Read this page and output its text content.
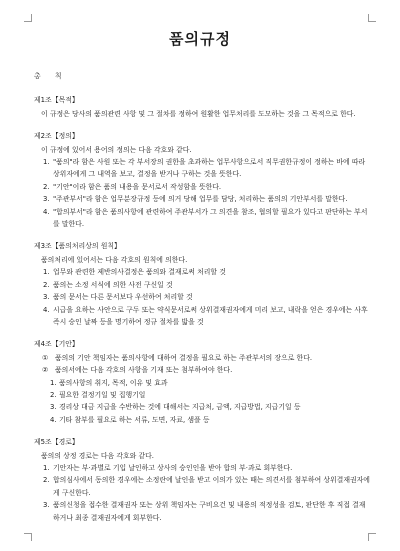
품의규정
총 칙
제1조【목적】
이 규정은 당사의 품의관련 사항 및 그 절차를 정하여 원활한 업무처리를 도모하는 것을 그 목적으로 한다.
제2조【정의】
이 규정에 있어서 용어의 정의는 다음 각호와 같다.
1. "품의"라 함은 사원 또는 각 부서장의 권한을 초과하는 업무사항으로서 직무권한규정이 정하는 바에 따라 상위자에게 그 내역을 보고, 결정을 받거나 구하는 것을 뜻한다.
2. "기안"이라 함은 품의 내용을 문서로서 작성함을 뜻한다.
3. "주관부서"라 함은 업무분장규정 등에 의거 당해 업무를 담당, 처리하는 품의의 기안부서를 말한다.
4. "합의부서"라 함은 품의사항에 관련하여 주관부서가 그 의견을 참조, 협의할 필요가 있다고 판단하는 부서를 말한다.
제3조【품의처리상의 원칙】
품의처리에 있어서는 다음 각호의 원칙에 의한다.
1. 업무와 관련한 제반의사결정은 품의와 결재로써 처리할 것
2. 품의는 소정 서식에 의한 사전 구신일 것
3. 품의 문서는 다른 문서보다 우선하여 처리할 것
4. 시급을 요하는 사안으로 구두 또는 약식문서로써 상위결재권자에게 미리 보고, 내락을 얻은 경우에는 사후 즉시 승인 날짜 등을 명기하여 정규 절차를 밟을 것
제4조【기안】
① 품의의 기안 책임자는 품의사항에 대하여 결정을 필요로 하는 주관부서의 장으로 한다.
② 품의서에는 다음 각호의 사항을 기재 또는 첨부하여야 한다.
1. 품의사항의 취지, 목적, 이유 및 효과
2. 필요한 결정기일 및 집행기일
3. 경리상 대금 지급을 수반하는 것에 대해서는 지급처, 금액, 지급방법, 지급기일 등
4. 기타 참부를 필요로 하는 서류, 도면, 자료, 샘플 등
제5조【경로】
품의의 상정 경로는 다음 각호와 같다.
1. 기안자는 부·과별로 기입 날인하고 상사의 승인인을 받아 합의 부·과로 회부한다.
2. 합의심사에서 동의한 경우에는 소정란에 날인을 받고 이의가 있는 때는 의견서를 첨부하여 상위결재권자에게 구신한다.
3. 품의신청을 접수한 결재권자 또는 상위 책임자는 구비요건 및 내용의 적정성을 검토, 판단한 후 직접 결재하거나 최종 결재권자에게 회부한다.
